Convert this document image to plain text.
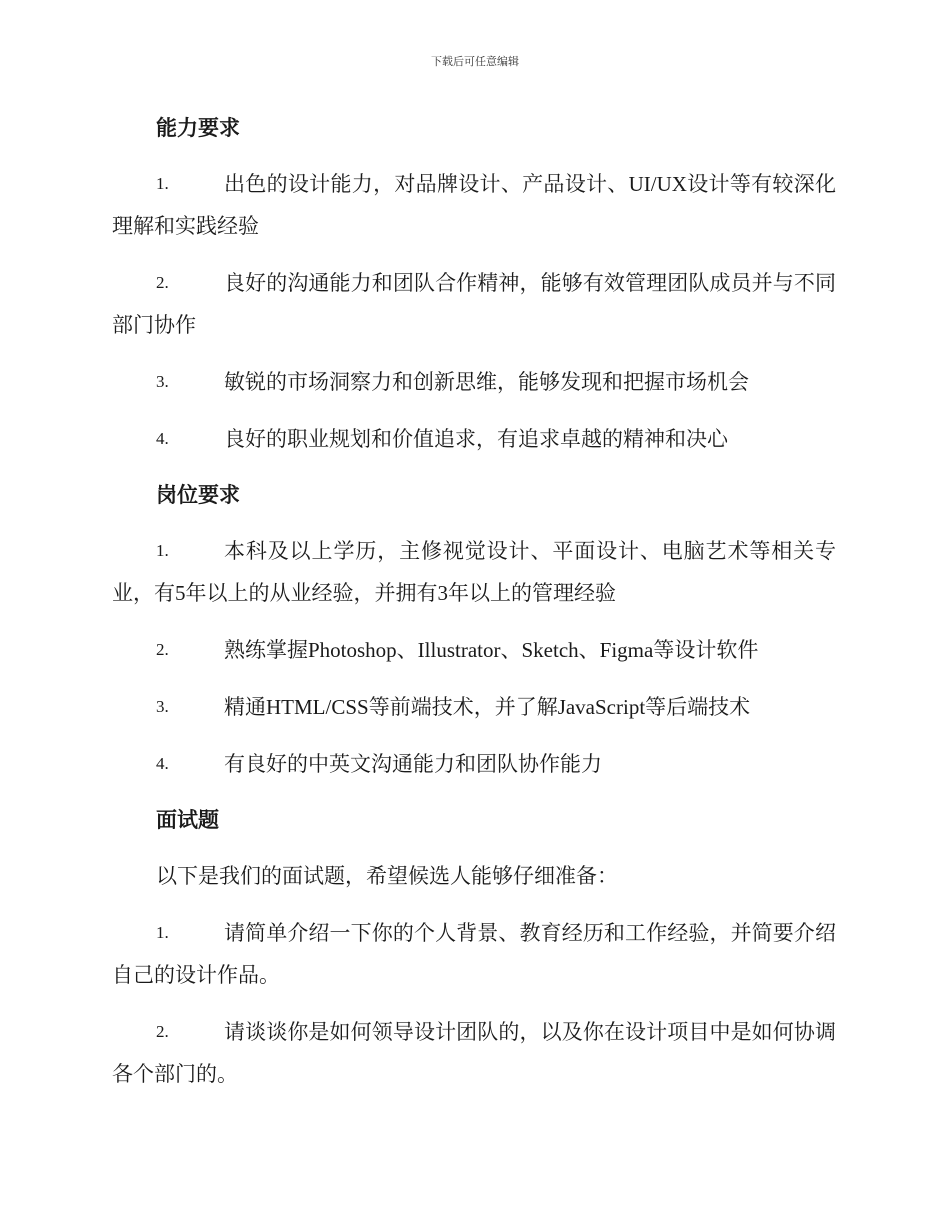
下载后可任意编辑
能力要求

1.	出色的设计能力，对品牌设计、产品设计、UI/UX设计等有较深化理解和实践经验

2.	良好的沟通能力和团队合作精神，能够有效管理团队成员并与不同部门协作

3.	敏锐的市场洞察力和创新思维，能够发现和把握市场机会

4.	良好的职业规划和价值追求，有追求卓越的精神和决心

岗位要求

1.	本科及以上学历，主修视觉设计、平面设计、电脑艺术等相关专业，有5年以上的从业经验，并拥有3年以上的管理经验

2.	熟练掌握Photoshop、Illustrator、Sketch、Figma等设计软件

3.	精通HTML/CSS等前端技术，并了解JavaScript等后端技术

4.	有良好的中英文沟通能力和团队协作能力

面试题

以下是我们的面试题，希望候选人能够仔细准备：

1.	请简单介绍一下你的个人背景、教育经历和工作经验，并简要介绍自己的设计作品。

2.	请谈谈你是如何领导设计团队的，以及你在设计项目中是如何协调各个部门的。
